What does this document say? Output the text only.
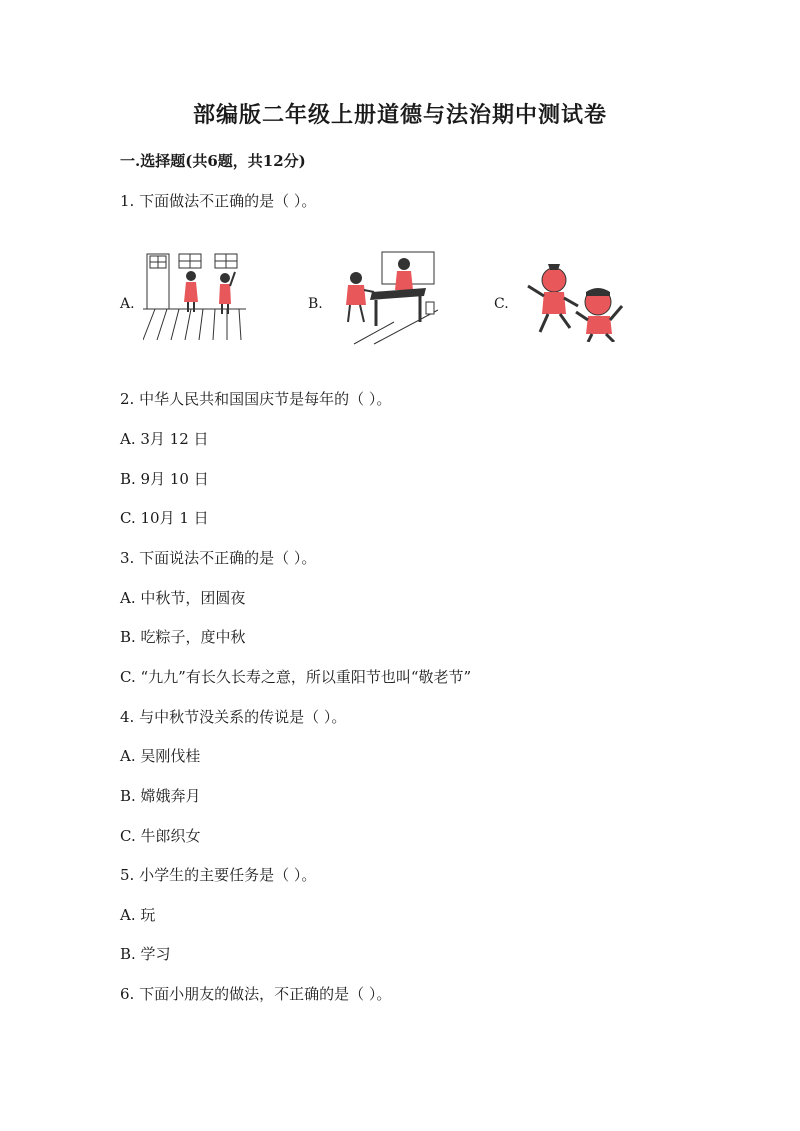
部编版二年级上册道德与法治期中测试卷
一.选择题(共6题，共12分)
1. 下面做法不正确的是（ ）。
A.	B.	C.
2. 中华人民共和国国庆节是每年的（ ）。
A. 3月 12 日
B. 9月 10 日
C. 10月 1 日
3. 下面说法不正确的是（ ）。
A. 中秋节，团圆夜
B. 吃粽子，度中秋
C. “九九”有长久长寿之意，所以重阳节也叫“敬老节”
4. 与中秋节没关系的传说是（ ）。
A. 吴刚伐桂
B. 嫦娥奔月
C. 牛郎织女
5. 小学生的主要任务是（ ）。
A. 玩
B. 学习
6. 下面小朋友的做法，不正确的是（ ）。
